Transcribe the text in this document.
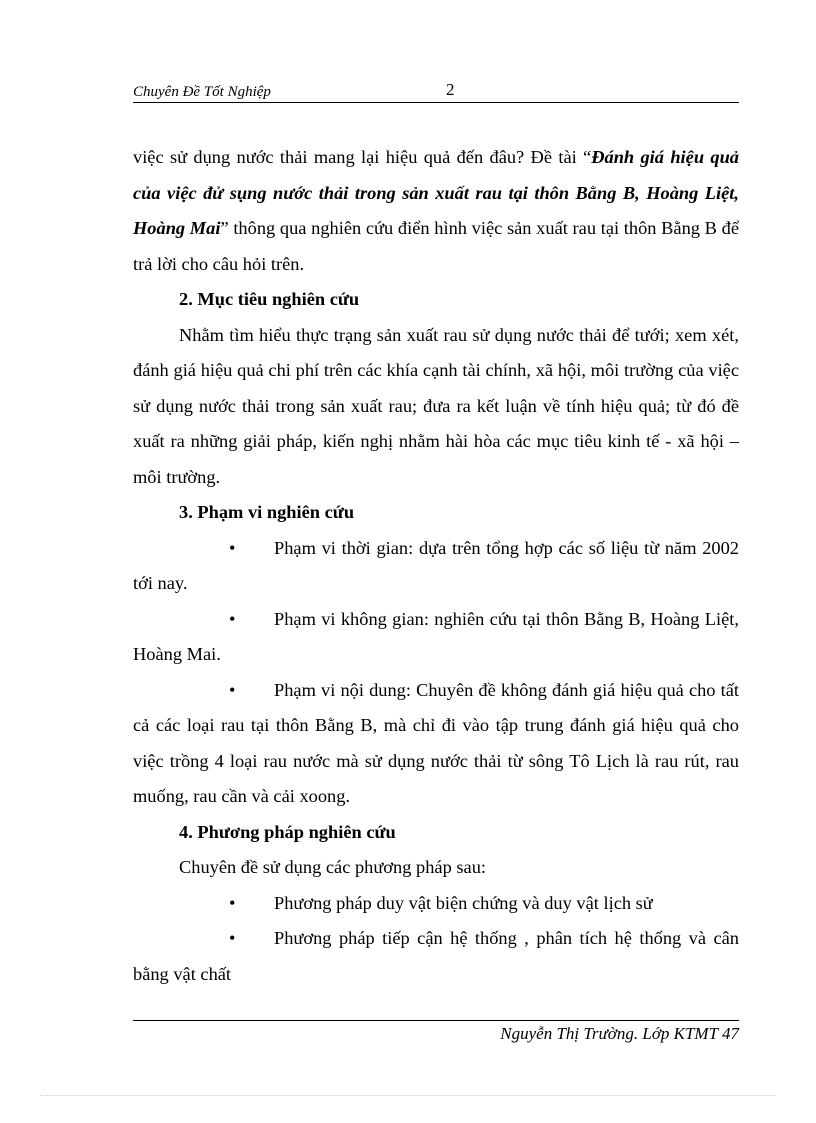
Chuyên Đề Tốt Nghiệp	2

việc sử dụng nước thải mang lại hiệu quả đến đâu? Đề tài “Đánh giá hiệu quả của việc đử sụng nước thải trong sản xuất rau tại thôn Bằng B, Hoàng Liệt, Hoàng Mai” thông qua nghiên cứu điển hình việc sản xuất rau tại thôn Bằng B để trả lời cho câu hỏi trên.

2. Mục tiêu nghiên cứu

Nhằm tìm hiểu thực trạng sản xuất rau sử dụng nước thải để tưới; xem xét, đánh giá hiệu quả chi phí trên các khía cạnh tài chính, xã hội, môi trường của việc sử dụng nước thải trong sản xuất rau; đưa ra kết luận về tính hiệu quả; từ đó đề xuất ra những giải pháp, kiến nghị nhằm hài hòa các mục tiêu kinh tế - xã hội – môi trường.

3. Phạm vi nghiên cứu

• Phạm vi thời gian: dựa trên tổng hợp các số liệu từ năm 2002 tới nay.

• Phạm vi không gian: nghiên cứu tại thôn Bằng B, Hoàng Liệt, Hoàng Mai.

• Phạm vi nội dung: Chuyên đề không đánh giá hiệu quả cho tất cả các loại rau tại thôn Bằng B, mà chỉ đi vào tập trung đánh giá hiệu quả cho việc trồng 4 loại rau nước mà sử dụng nước thải từ sông Tô Lịch là rau rút, rau muống, rau cần và cải xoong.

4. Phương pháp nghiên cứu

Chuyên đề sử dụng các phương pháp sau:

• Phương pháp duy vật biện chứng và duy vật lịch sử

• Phương pháp tiếp cận hệ thống , phân tích hệ thống và cân bằng vật chất

Nguyễn Thị Trường. Lớp KTMT 47
